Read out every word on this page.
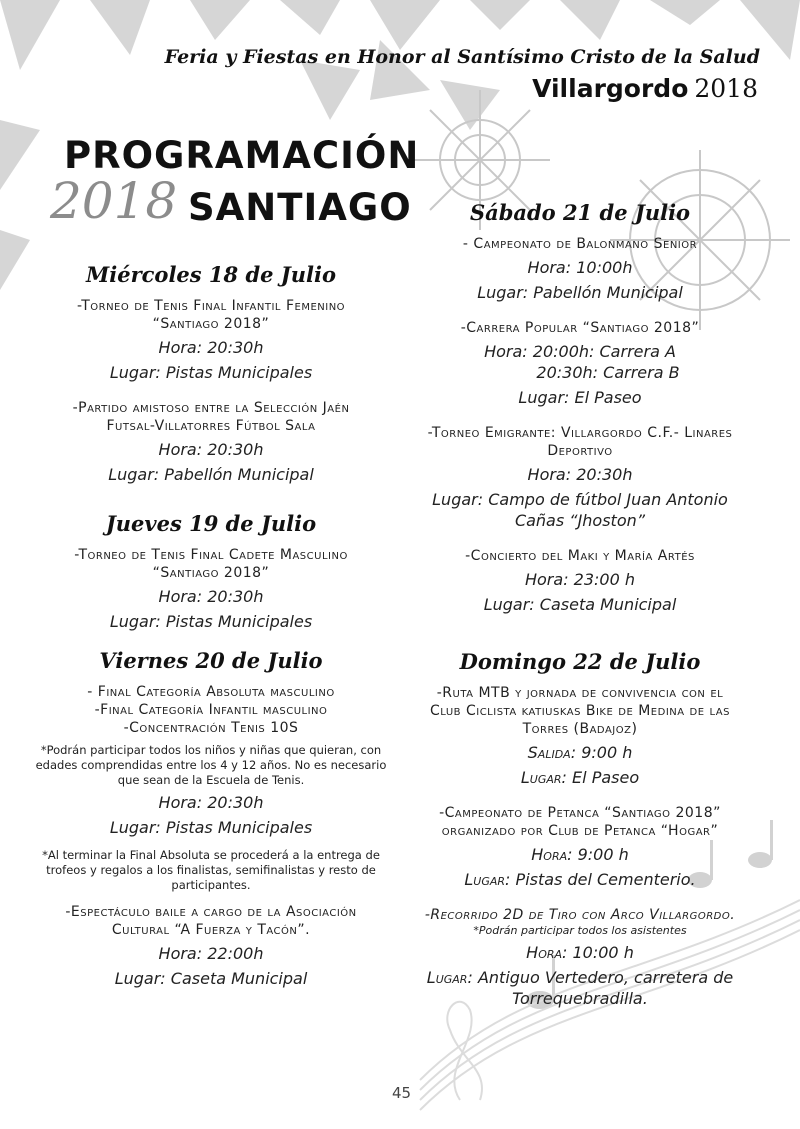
Feria y Fiestas en Honor al Santísimo Cristo de la Salud
Villargordo 2018
PROGRAMACIÓN
2018 SANTIAGO
Miércoles 18 de Julio
-Torneo de Tenis Final Infantil Femenino
“Santiago 2018”
Hora: 20:30h
Lugar: Pistas Municipales
-Partido amistoso entre la Selección Jaén
Futsal-Villatorres Fútbol Sala
Hora: 20:30h
Lugar: Pabellón Municipal
Jueves 19 de Julio
-Torneo de Tenis Final Cadete Masculino
“Santiago 2018”
Hora: 20:30h
Lugar: Pistas Municipales
Viernes 20 de Julio
- Final Categoría Absoluta masculino
-Final Categoría Infantil masculino
-Concentración Tenis 10S
*Podrán participar todos los niños y niñas que quieran, con edades comprendidas entre los 4 y 12 años. No es necesario que sean de la Escuela de Tenis.
Hora: 20:30h
Lugar: Pistas Municipales
*Al terminar la Final Absoluta se procederá a la entrega de trofeos y regalos a los finalistas, semifinalistas y resto de participantes.
-Espectáculo baile a cargo de la Asociación
Cultural “A Fuerza y Tacón”.
Hora: 22:00h
Lugar: Caseta Municipal
Sábado 21 de Julio
- Campeonato de Balonmano Senior
Hora: 10:00h
Lugar: Pabellón Municipal
-Carrera Popular “Santiago 2018”
Hora: 20:00h: Carrera A
20:30h: Carrera B
Lugar: El Paseo
-Torneo Emigrante: Villargordo C.F.- Linares
Deportivo
Hora: 20:30h
Lugar: Campo de fútbol Juan Antonio
Cañas “Jhoston”
-Concierto del Maki y María Artés
Hora: 23:00 h
Lugar: Caseta Municipal
Domingo 22 de Julio
-Ruta MTB y jornada de convivencia con el
Club Ciclista katiuskas Bike de Medina de las
Torres (Badajoz)
Salida: 9:00 h
Lugar: El Paseo
-Campeonato de Petanca “Santiago 2018”
organizado por Club de Petanca “Hogar”
Hora: 9:00 h
Lugar: Pistas del Cementerio.
-Recorrido 2D de Tiro con Arco Villargordo.
*Podrán participar todos los asistentes
Hora: 10:00 h
Lugar: Antiguo Vertedero, carretera de
Torrequebradilla.
45
